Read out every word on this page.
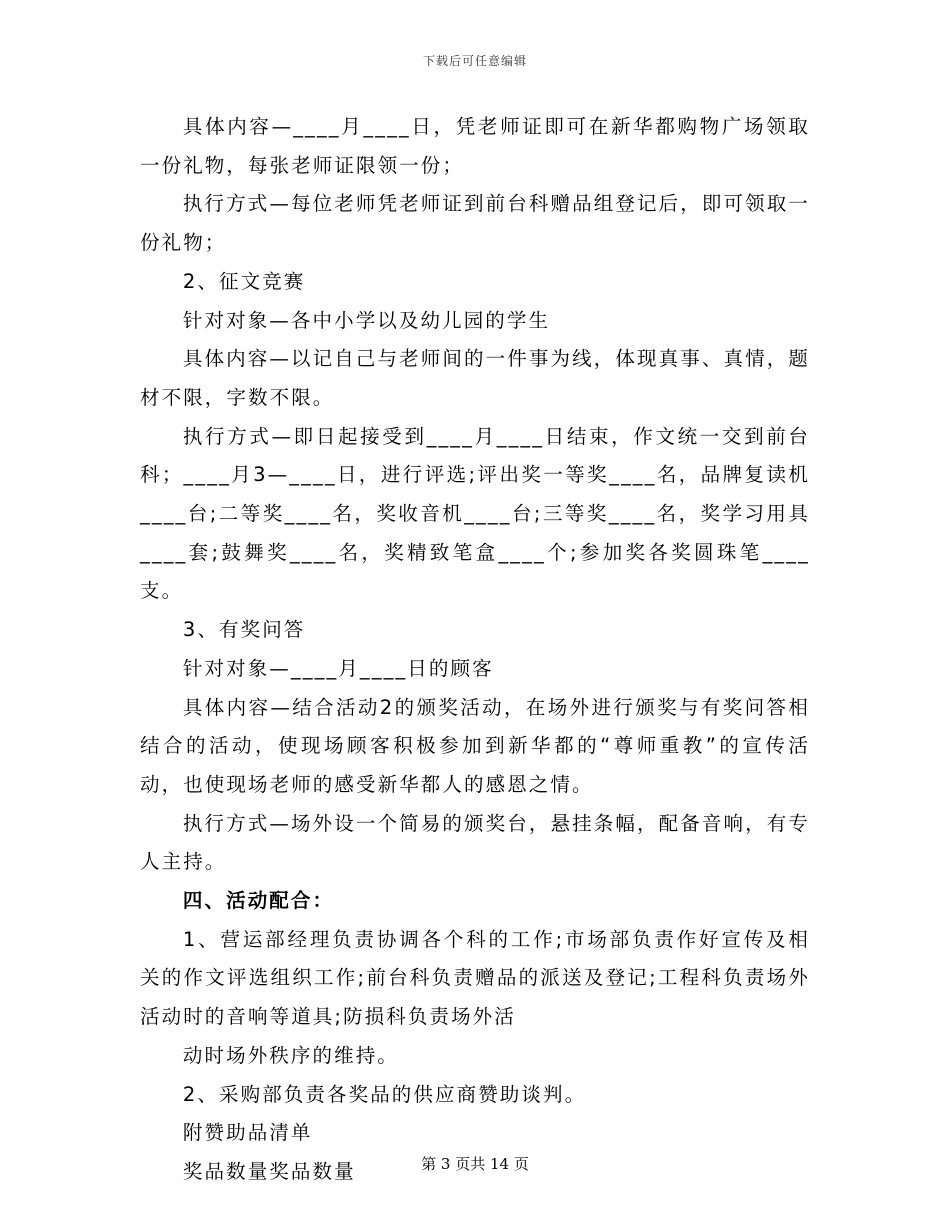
下载后可任意编辑

具体内容—____月____日，凭老师证即可在新华都购物广场领取一份礼物，每张老师证限领一份；

执行方式—每位老师凭老师证到前台科赠品组登记后，即可领取一份礼物；

2、征文竞赛

针对对象—各中小学以及幼儿园的学生

具体内容—以记自己与老师间的一件事为线，体现真事、真情，题材不限，字数不限。

执行方式—即日起接受到____月____日结束，作文统一交到前台科；____月3—____日，进行评选;评出奖一等奖____名，品牌复读机____台;二等奖____名，奖收音机____台;三等奖____名，奖学习用具____套;鼓舞奖____名，奖精致笔盒____个;参加奖各奖圆珠笔____支。

3、有奖问答

针对对象—____月____日的顾客

具体内容—结合活动2的颁奖活动，在场外进行颁奖与有奖问答相结合的活动，使现场顾客积极参加到新华都的“尊师重教”的宣传活动，也使现场老师的感受新华都人的感恩之情。

执行方式—场外设一个简易的颁奖台，悬挂条幅，配备音响，有专人主持。

四、活动配合：

1、营运部经理负责协调各个科的工作;市场部负责作好宣传及相关的作文评选组织工作;前台科负责赠品的派送及登记;工程科负责场外活动时的音响等道具;防损科负责场外活

动时场外秩序的维持。

2、采购部负责各奖品的供应商赞助谈判。

附赞助品清单

奖品数量奖品数量	第 3 页共 14 页
